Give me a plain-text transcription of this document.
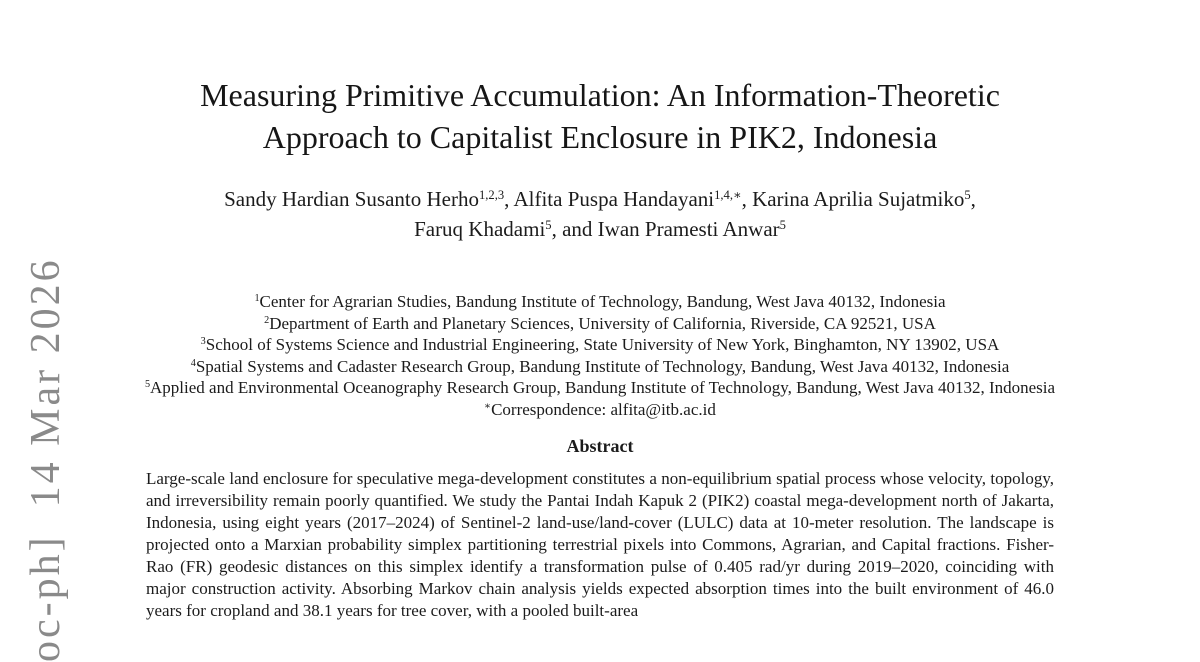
oc-ph]  14 Mar 2026
Measuring Primitive Accumulation: An Information-Theoretic
Approach to Capitalist Enclosure in PIK2, Indonesia
Sandy Hardian Susanto Herho$^{1,2,3}$, Alfita Puspa Handayani$^{1,4,∗}$, Karina Aprilia Sujatmiko$^5$,
Faruq Khadami$^5$, and Iwan Pramesti Anwar$^5$
$^1$Center for Agrarian Studies, Bandung Institute of Technology, Bandung, West Java 40132, Indonesia
$^2$Department of Earth and Planetary Sciences, University of California, Riverside, CA 92521, USA
$^3$School of Systems Science and Industrial Engineering, State University of New York, Binghamton, NY 13902, USA
$^4$Spatial Systems and Cadaster Research Group, Bandung Institute of Technology, Bandung, West Java 40132, Indonesia
$^5$Applied and Environmental Oceanography Research Group, Bandung Institute of Technology, Bandung, West Java 40132, Indonesia
∗Correspondence: alfita@itb.ac.id
Abstract

Large-scale land enclosure for speculative mega-development constitutes a non-equilibrium spatial process whose velocity, topology, and irreversibility remain poorly quantified. We study the Pantai Indah Kapuk 2 (PIK2) coastal mega-development north of Jakarta, Indonesia, using eight years (2017–2024) of Sentinel-2 land-use/land-cover (LULC) data at 10-meter resolution. The landscape is projected onto a Marxian probability simplex partitioning terrestrial pixels into Commons, Agrarian, and Capital fractions. Fisher-Rao (FR) geodesic distances on this simplex identify a transformation pulse of 0.405 rad/yr during 2019–2020, coinciding with major construction activity. Absorbing Markov chain analysis yields expected absorption times into the built environment of 46.0 years for cropland and 38.1 years for tree cover, with a pooled built-area
